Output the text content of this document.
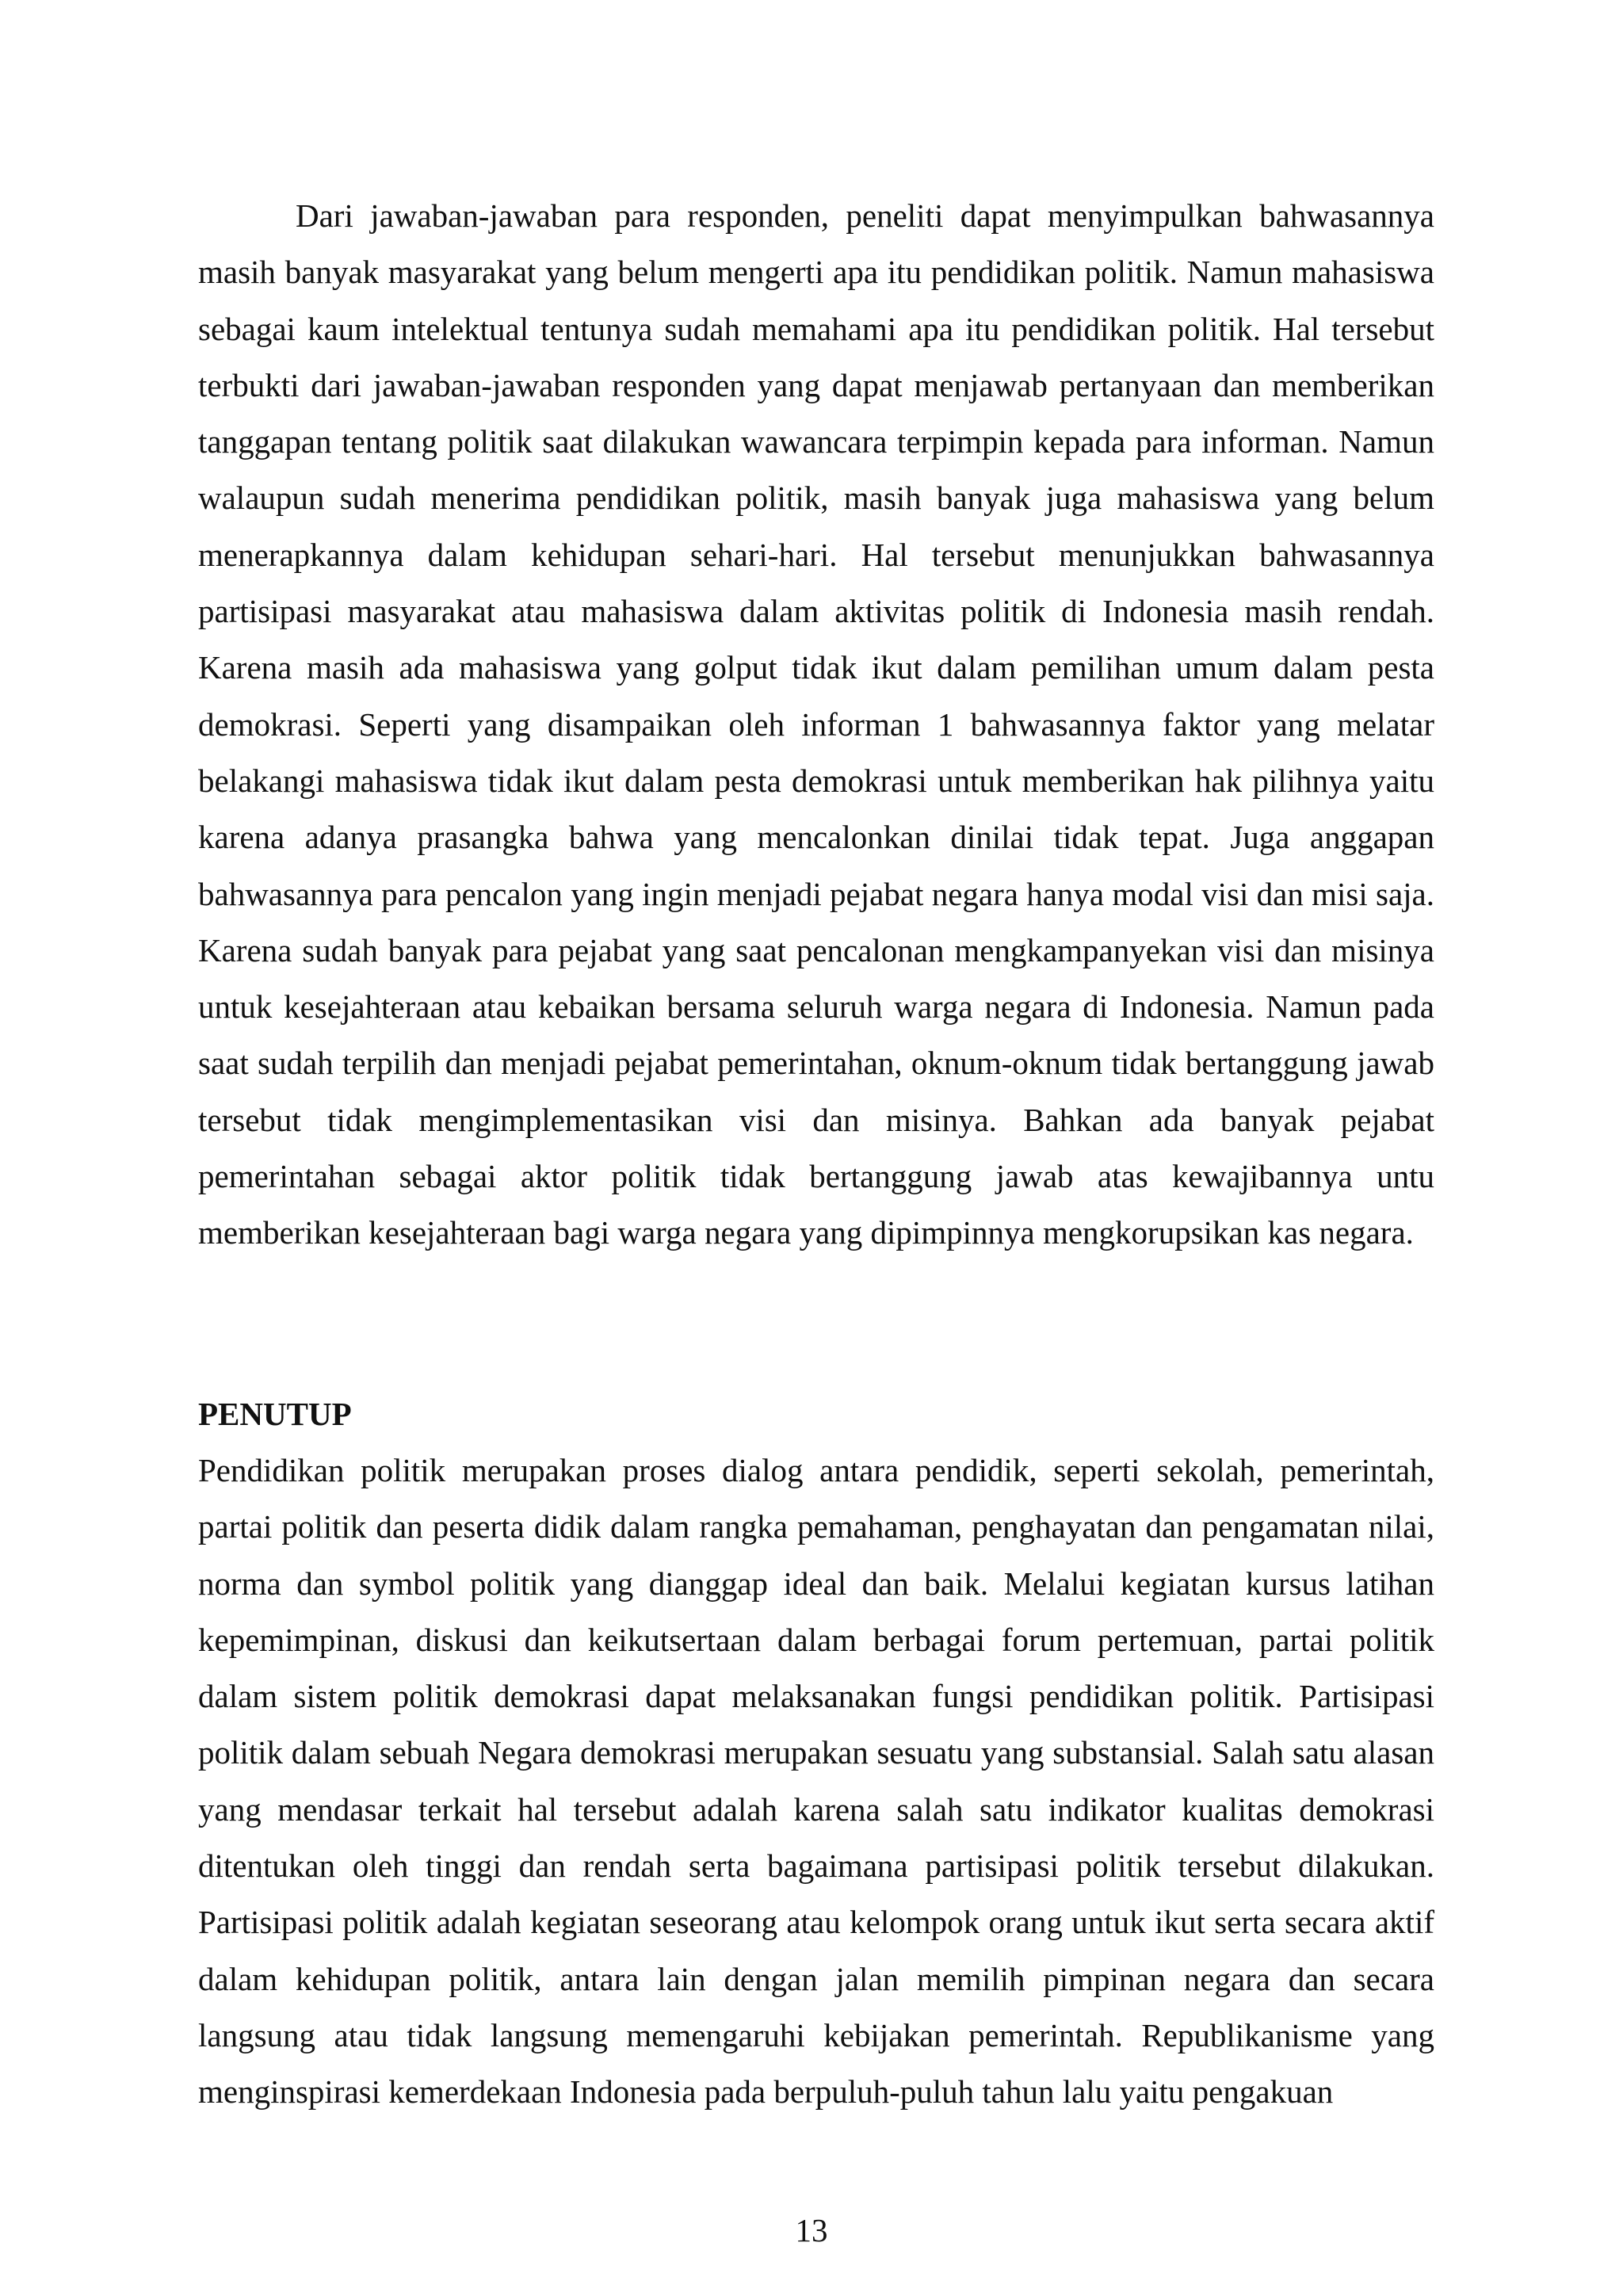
Dari jawaban-jawaban para responden, peneliti dapat menyimpulkan bahwasannya masih banyak masyarakat yang belum mengerti apa itu pendidikan politik. Namun mahasiswa sebagai kaum intelektual tentunya sudah memahami apa itu pendidikan politik. Hal tersebut terbukti dari jawaban-jawaban responden yang dapat menjawab pertanyaan dan memberikan tanggapan tentang politik saat dilakukan wawancara terpimpin kepada para informan. Namun walaupun sudah menerima pendidikan politik, masih banyak juga mahasiswa yang belum menerapkannya dalam kehidupan sehari-hari. Hal tersebut menunjukkan bahwasannya partisipasi masyarakat atau mahasiswa dalam aktivitas politik di Indonesia masih rendah. Karena masih ada mahasiswa yang golput tidak ikut dalam pemilihan umum dalam pesta demokrasi. Seperti yang disampaikan oleh informan 1 bahwasannya faktor yang melatar belakangi mahasiswa tidak ikut dalam pesta demokrasi untuk memberikan hak pilihnya yaitu karena adanya prasangka bahwa yang mencalonkan dinilai tidak tepat. Juga anggapan bahwasannya para pencalon yang ingin menjadi pejabat negara hanya modal visi dan misi saja. Karena sudah banyak para pejabat yang saat pencalonan mengkampanyekan visi dan misinya untuk kesejahteraan atau kebaikan bersama seluruh warga negara di Indonesia. Namun pada saat sudah terpilih dan menjadi pejabat pemerintahan, oknum-oknum tidak bertanggung jawab tersebut tidak mengimplementasikan visi dan misinya. Bahkan ada banyak pejabat pemerintahan sebagai aktor politik tidak bertanggung jawab atas kewajibannya untu memberikan kesejahteraan bagi warga negara yang dipimpinnya mengkorupsikan kas negara.

PENUTUP

Pendidikan politik merupakan proses dialog antara pendidik, seperti sekolah, pemerintah, partai politik dan peserta didik dalam rangka pemahaman, penghayatan dan pengamatan nilai, norma dan symbol politik yang dianggap ideal dan baik. Melalui kegiatan kursus latihan kepemimpinan, diskusi dan keikutsertaan dalam berbagai forum pertemuan, partai politik dalam sistem politik demokrasi dapat melaksanakan fungsi pendidikan politik. Partisipasi politik dalam sebuah Negara demokrasi merupakan sesuatu yang substansial. Salah satu alasan yang mendasar terkait hal tersebut adalah karena salah satu indikator kualitas demokrasi ditentukan oleh tinggi dan rendah serta bagaimana partisipasi politik tersebut dilakukan. Partisipasi politik adalah kegiatan seseorang atau kelompok orang untuk ikut serta secara aktif dalam kehidupan politik, antara lain dengan jalan memilih pimpinan negara dan secara langsung atau tidak langsung memengaruhi kebijakan pemerintah. Republikanisme yang menginspirasi kemerdekaan Indonesia pada berpuluh-puluh tahun lalu yaitu pengakuan

13
